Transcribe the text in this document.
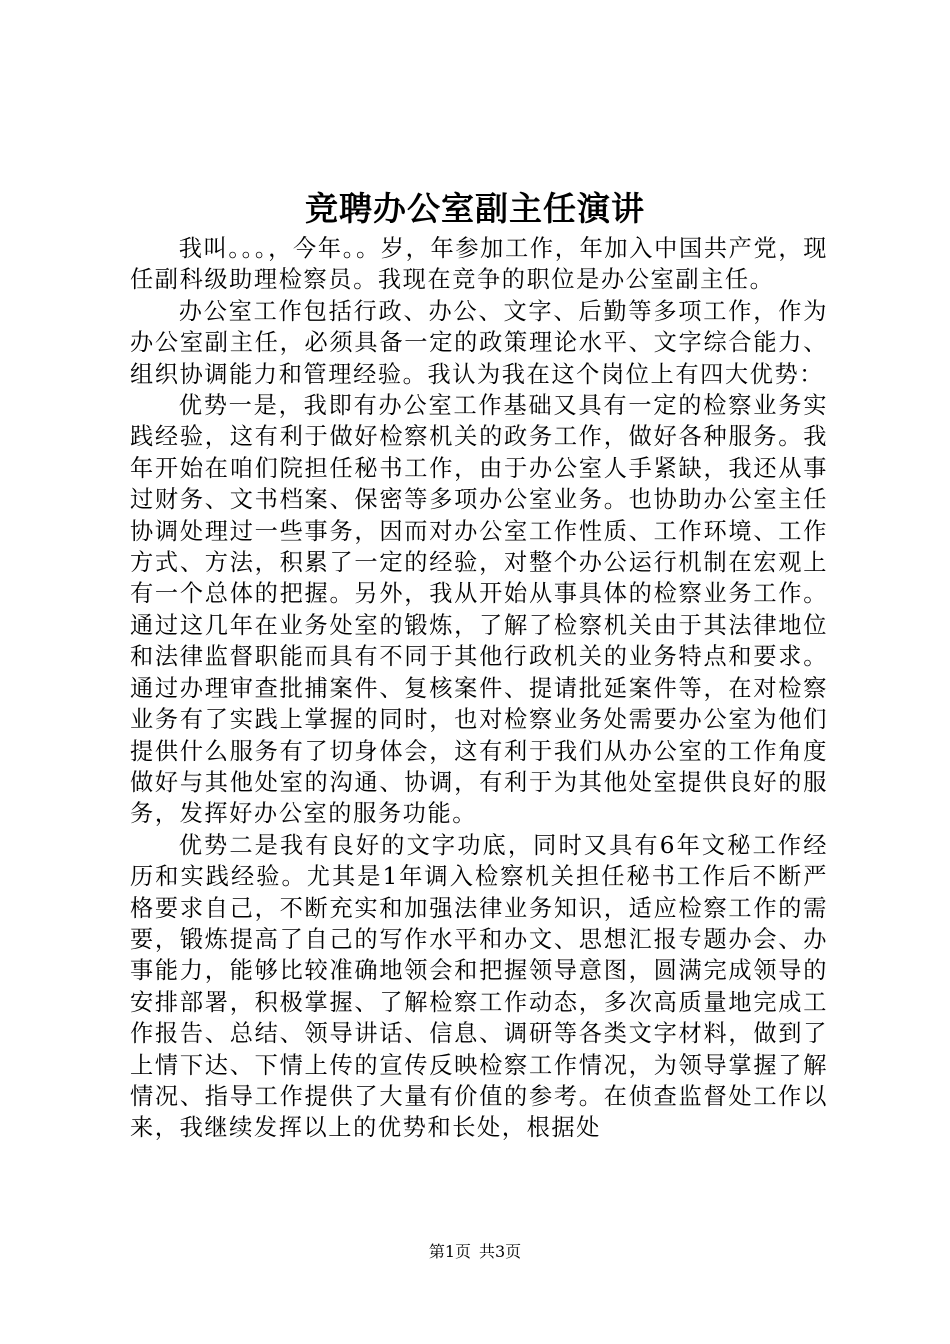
竞聘办公室副主任演讲

我叫。。。，今年。。岁，年参加工作，年加入中国共产党，现任副科级助理检察员。我现在竞争的职位是办公室副主任。

办公室工作包括行政、办公、文字、后勤等多项工作，作为办公室副主任，必须具备一定的政策理论水平、文字综合能力、组织协调能力和管理经验。我认为我在这个岗位上有四大优势：

优势一是，我即有办公室工作基础又具有一定的检察业务实践经验，这有利于做好检察机关的政务工作，做好各种服务。我年开始在咱们院担任秘书工作，由于办公室人手紧缺，我还从事过财务、文书档案、保密等多项办公室业务。也协助办公室主任协调处理过一些事务，因而对办公室工作性质、工作环境、工作方式、方法，积累了一定的经验，对整个办公运行机制在宏观上有一个总体的把握。另外，我从开始从事具体的检察业务工作。通过这几年在业务处室的锻炼，了解了检察机关由于其法律地位和法律监督职能而具有不同于其他行政机关的业务特点和要求。通过办理审查批捕案件、复核案件、提请批延案件等，在对检察业务有了实践上掌握的同时，也对检察业务处需要办公室为他们提供什么服务有了切身体会，这有利于我们从办公室的工作角度做好与其他处室的沟通、协调，有利于为其他处室提供良好的服务，发挥好办公室的服务功能。

优势二是我有良好的文字功底，同时又具有6年文秘工作经历和实践经验。尤其是1年调入检察机关担任秘书工作后不断严格要求自己，不断充实和加强法律业务知识，适应检察工作的需要，锻炼提高了自己的写作水平和办文、思想汇报专题办会、办事能力，能够比较准确地领会和把握领导意图，圆满完成领导的安排部署，积极掌握、了解检察工作动态，多次高质量地完成工作报告、总结、领导讲话、信息、调研等各类文字材料，做到了上情下达、下情上传的宣传反映检察工作情况，为领导掌握了解情况、指导工作提供了大量有价值的参考。在侦查监督处工作以来，我继续发挥以上的优势和长处，根据处

第1页 共3页
